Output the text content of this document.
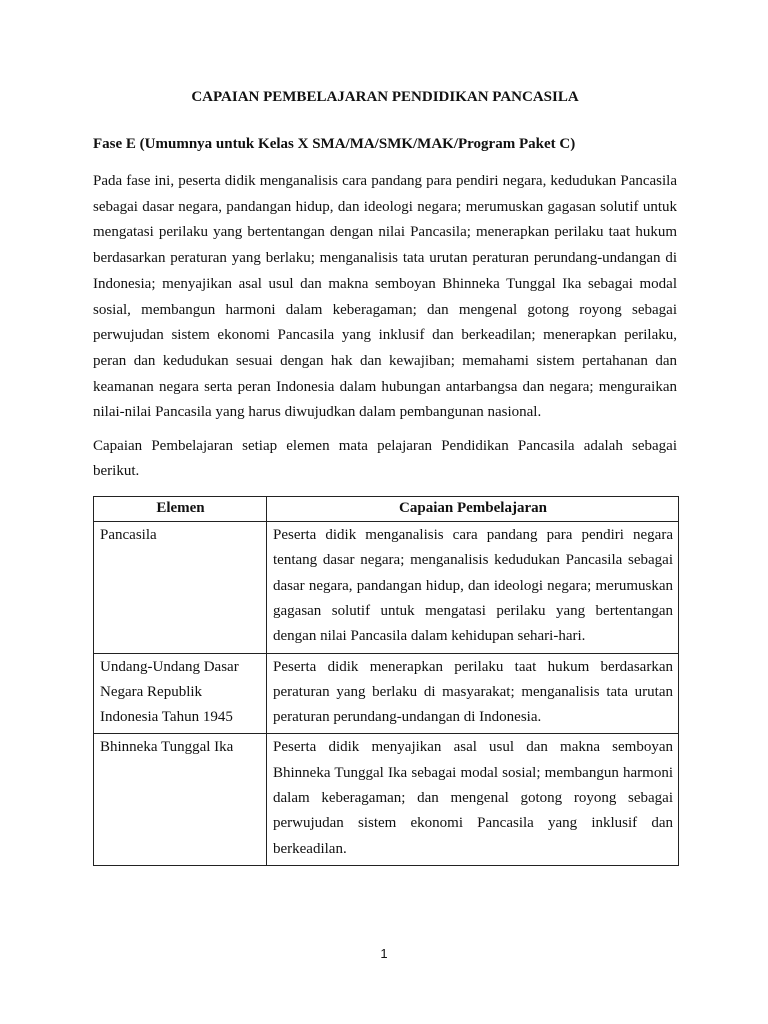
CAPAIAN PEMBELAJARAN PENDIDIKAN PANCASILA

Fase E (Umumnya untuk Kelas X SMA/MA/SMK/MAK/Program Paket C)

Pada fase ini, peserta didik menganalisis cara pandang para pendiri negara, kedudukan Pancasila sebagai dasar negara, pandangan hidup, dan ideologi negara; merumuskan gagasan solutif untuk mengatasi perilaku yang bertentangan dengan nilai Pancasila; menerapkan perilaku taat hukum berdasarkan peraturan yang berlaku; menganalisis tata urutan peraturan perundang-undangan di Indonesia; menyajikan asal usul dan makna semboyan Bhinneka Tunggal Ika sebagai modal sosial, membangun harmoni dalam keberagaman; dan mengenal gotong royong sebagai perwujudan sistem ekonomi Pancasila yang inklusif dan berkeadilan; menerapkan perilaku, peran dan kedudukan sesuai dengan hak dan kewajiban; memahami sistem pertahanan dan keamanan negara serta peran Indonesia dalam hubungan antarbangsa dan negara; menguraikan nilai-nilai Pancasila yang harus diwujudkan dalam pembangunan nasional.

Capaian Pembelajaran setiap elemen mata pelajaran Pendidikan Pancasila adalah sebagai berikut.

Elemen	Capaian Pembelajaran
Pancasila	Peserta didik menganalisis cara pandang para pendiri negara tentang dasar negara; menganalisis kedudukan Pancasila sebagai dasar negara, pandangan hidup, dan ideologi negara; merumuskan gagasan solutif untuk mengatasi perilaku yang bertentangan dengan nilai Pancasila dalam kehidupan sehari-hari.
Undang-Undang Dasar Negara Republik Indonesia Tahun 1945	Peserta didik menerapkan perilaku taat hukum berdasarkan peraturan yang berlaku di masyarakat; menganalisis tata urutan peraturan perundang-undangan di Indonesia.
Bhinneka Tunggal Ika	Peserta didik menyajikan asal usul dan makna semboyan Bhinneka Tunggal Ika sebagai modal sosial; membangun harmoni dalam keberagaman; dan mengenal gotong royong sebagai perwujudan sistem ekonomi Pancasila yang inklusif dan berkeadilan.
1
